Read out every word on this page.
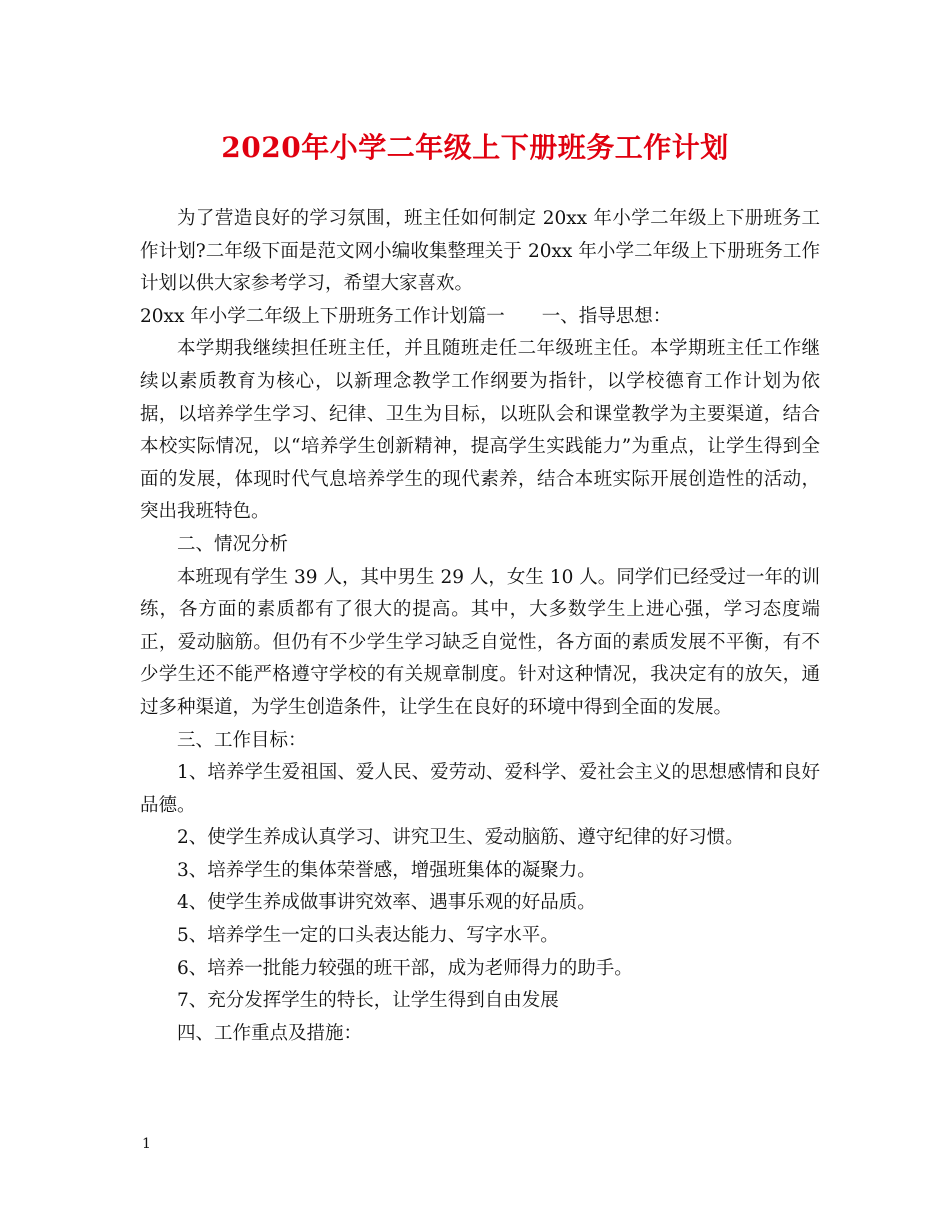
2020年小学二年级上下册班务工作计划

为了营造良好的学习氛围，班主任如何制定 20xx 年小学二年级上下册班务工作计划?二年级下面是范文网小编收集整理关于 20xx 年小学二年级上下册班务工作计划以供大家参考学习，希望大家喜欢。

20xx 年小学二年级上下册班务工作计划篇一　　一、指导思想：

本学期我继续担任班主任，并且随班走任二年级班主任。本学期班主任工作继续以素质教育为核心，以新理念教学工作纲要为指针，以学校德育工作计划为依据，以培养学生学习、纪律、卫生为目标，以班队会和课堂教学为主要渠道，结合本校实际情况，以“培养学生创新精神，提高学生实践能力”为重点，让学生得到全面的发展，体现时代气息培养学生的现代素养，结合本班实际开展创造性的活动，突出我班特色。

二、情况分析

本班现有学生 39 人，其中男生 29 人，女生 10 人。同学们已经受过一年的训练，各方面的素质都有了很大的提高。其中，大多数学生上进心强，学习态度端正，爱动脑筋。但仍有不少学生学习缺乏自觉性，各方面的素质发展不平衡，有不少学生还不能严格遵守学校的有关规章制度。针对这种情况，我决定有的放矢，通过多种渠道，为学生创造条件，让学生在良好的环境中得到全面的发展。

三、工作目标：

1、培养学生爱祖国、爱人民、爱劳动、爱科学、爱社会主义的思想感情和良好品德。

2、使学生养成认真学习、讲究卫生、爱动脑筋、遵守纪律的好习惯。

3、培养学生的集体荣誉感，增强班集体的凝聚力。

4、使学生养成做事讲究效率、遇事乐观的好品质。

5、培养学生一定的口头表达能力、写字水平。

6、培养一批能力较强的班干部，成为老师得力的助手。

7、充分发挥学生的特长，让学生得到自由发展

四、工作重点及措施：

1
